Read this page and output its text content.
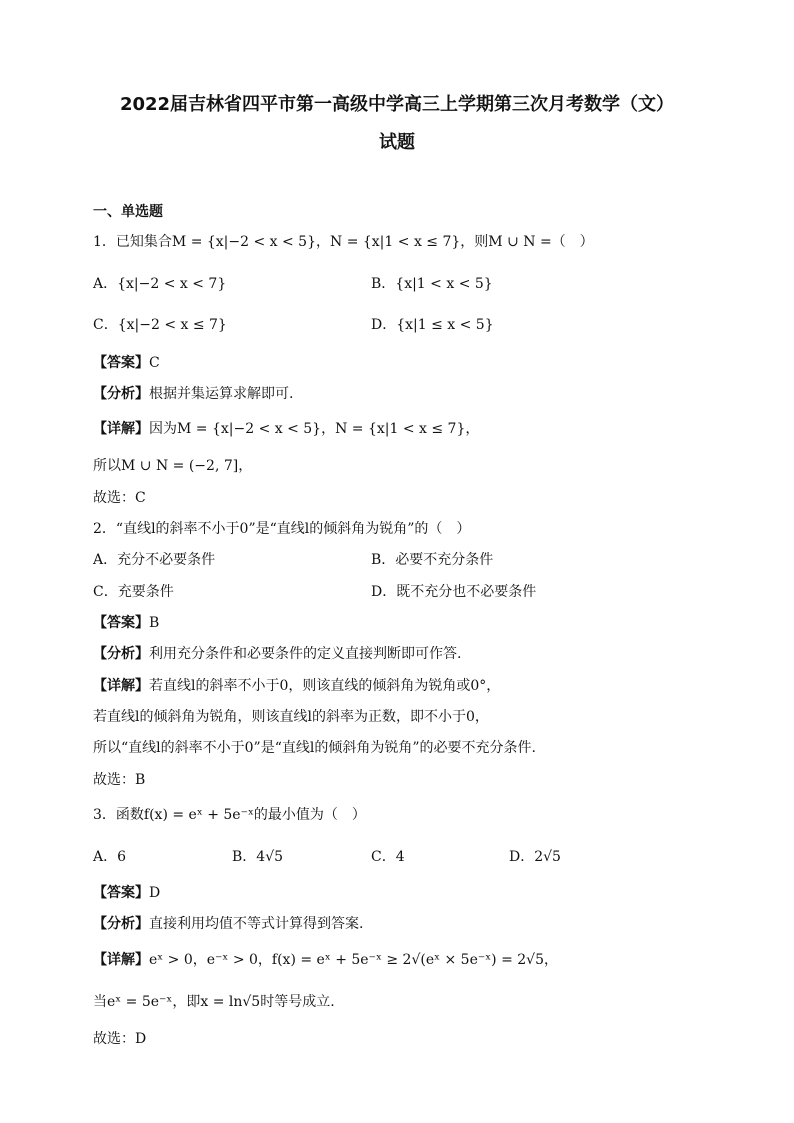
2022届吉林省四平市第一高级中学高三上学期第三次月考数学（文）
试题
一、单选题
1．已知集合M = {x|−2 < x < 5}，N = {x|1 < x ≤ 7}，则M ∪ N =（　）
A．{x|−2 < x < 7}	B．{x|1 < x < 5}
C．{x|−2 < x ≤ 7}	D．{x|1 ≤ x < 5}
【答案】C
【分析】根据并集运算求解即可.
【详解】因为M = {x|−2 < x < 5}，N = {x|1 < x ≤ 7}，
所以M ∪ N = (−2, 7]，
故选：C
2．“直线l的斜率不小于0”是“直线l的倾斜角为锐角”的（　）
A．充分不必要条件	B．必要不充分条件
C．充要条件	D．既不充分也不必要条件
【答案】B
【分析】利用充分条件和必要条件的定义直接判断即可作答.
【详解】若直线l的斜率不小于0，则该直线的倾斜角为锐角或0°，
若直线l的倾斜角为锐角，则该直线l的斜率为正数，即不小于0，
所以“直线l的斜率不小于0”是“直线l的倾斜角为锐角”的必要不充分条件.
故选：B
3．函数f(x) = eˣ + 5e⁻ˣ的最小值为（　）
A．6	B．4√5	C．4	D．2√5
【答案】D
【分析】直接利用均值不等式计算得到答案.
【详解】eˣ > 0，e⁻ˣ > 0，f(x) = eˣ + 5e⁻ˣ ≥ 2√(eˣ × 5e⁻ˣ) = 2√5，
当eˣ = 5e⁻ˣ，即x = ln√5时等号成立.
故选：D
